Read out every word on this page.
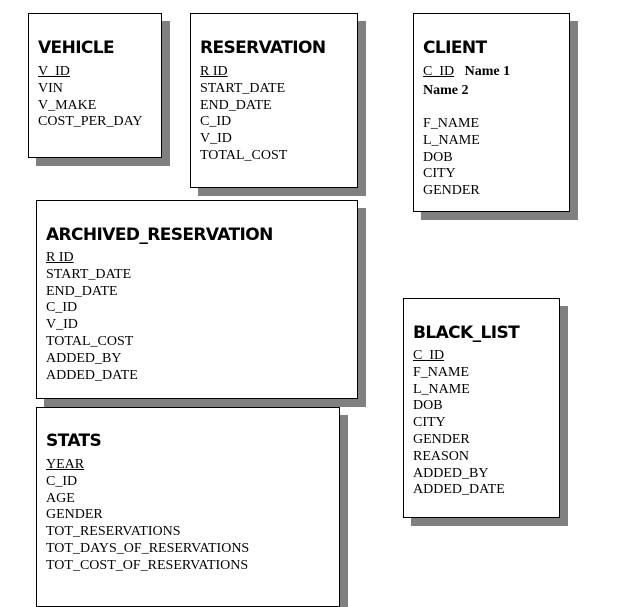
VEHICLE
V_ID
VIN
V_MAKE
COST_PER_DAY
RESERVATION
R ID
START_DATE
END_DATE
C_ID
V_ID
TOTAL_COST
CLIENT
C_ID Name 1
Name 2
F_NAME
L_NAME
DOB
CITY
GENDER
ARCHIVED_RESERVATION
R ID
START_DATE
END_DATE
C_ID
V_ID
TOTAL_COST
ADDED_BY
ADDED_DATE
BLACK_LIST
C_ID
F_NAME
L_NAME
DOB
CITY
GENDER
REASON
ADDED_BY
ADDED_DATE
STATS
YEAR
C_ID
AGE
GENDER
TOT_RESERVATIONS
TOT_DAYS_OF_RESERVATIONS
TOT_COST_OF_RESERVATIONS
